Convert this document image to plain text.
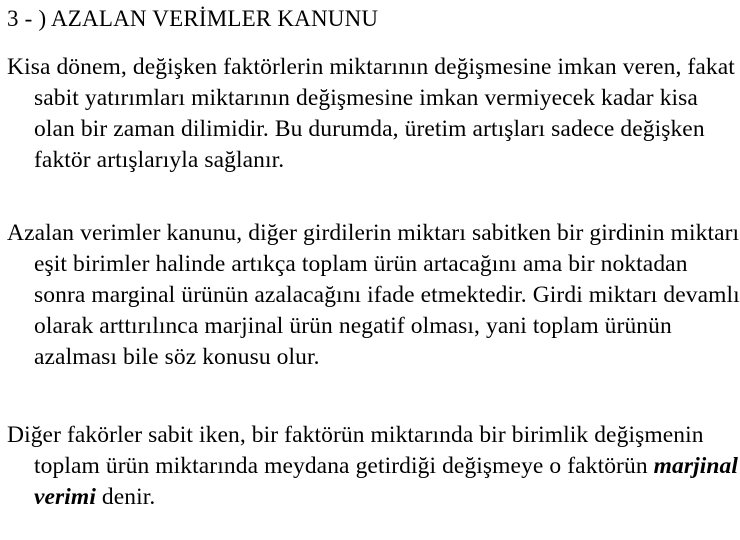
3 - ) AZALAN VERİMLER KANUNU
Kisa dönem, değişken faktörlerin miktarının değişmesine imkan veren, fakat sabit yatırımları miktarının değişmesine imkan vermiyecek kadar kisa olan bir zaman dilimidir. Bu durumda, üretim artışları sadece değişken faktör artışlarıyla sağlanır.
Azalan verimler kanunu, diğer girdilerin miktarı sabitken bir girdinin miktarı eşit birimler halinde artıkça toplam ürün artacağını ama bir noktadan sonra marginal ürünün azalacağını ifade etmektedir. Girdi miktarı devamlı olarak arttırılınca marjinal ürün negatif olması, yani toplam ürünün azalması bile söz konusu olur.
Diğer fakörler sabit iken, bir faktörün miktarında bir birimlik değişmenin toplam ürün miktarında meydana getirdiği değişmeye o faktörün marjinal verimi denir.
